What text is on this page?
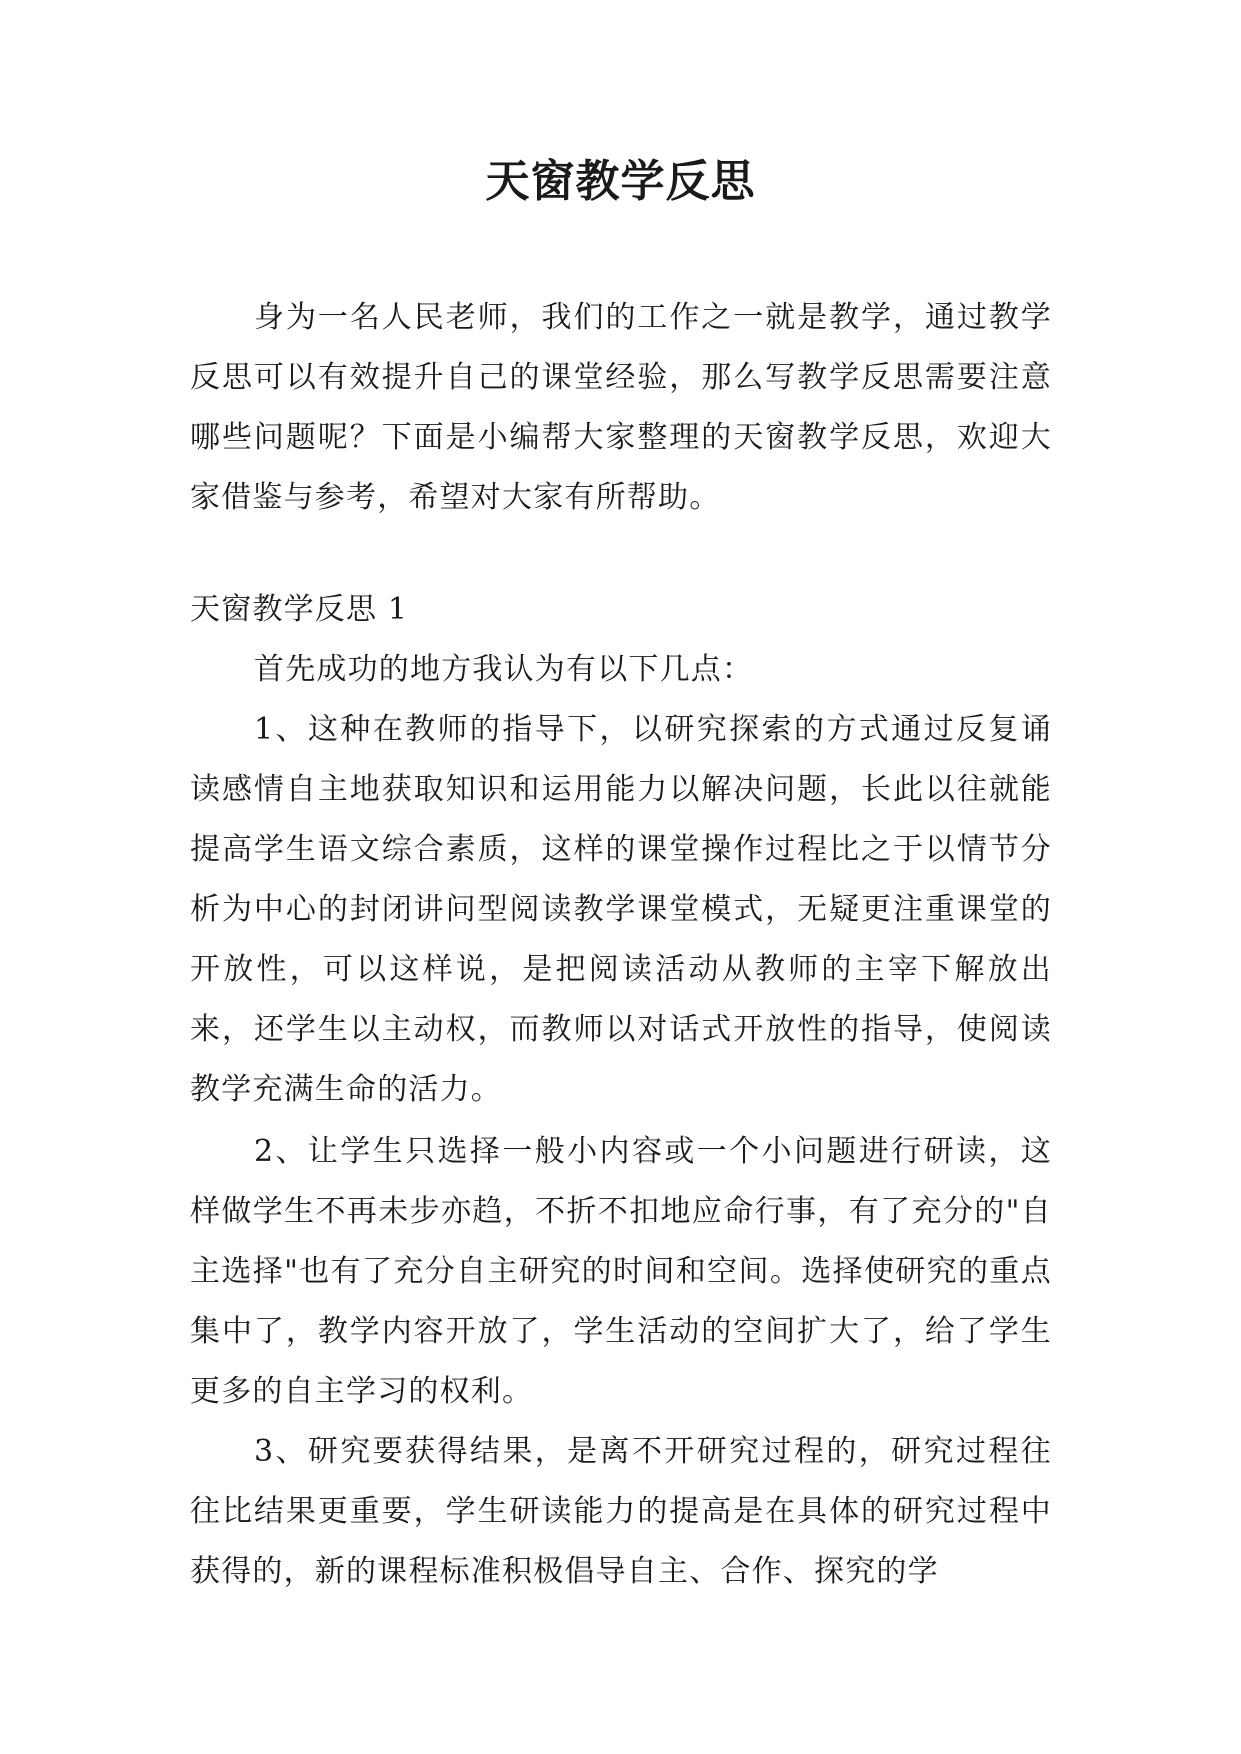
天窗教学反思

身为一名人民老师，我们的工作之一就是教学，通过教学反思可以有效提升自己的课堂经验，那么写教学反思需要注意哪些问题呢？下面是小编帮大家整理的天窗教学反思，欢迎大家借鉴与参考，希望对大家有所帮助。

天窗教学反思 1

首先成功的地方我认为有以下几点：

1、这种在教师的指导下，以研究探索的方式通过反复诵读感情自主地获取知识和运用能力以解决问题，长此以往就能提高学生语文综合素质，这样的课堂操作过程比之于以情节分析为中心的封闭讲问型阅读教学课堂模式，无疑更注重课堂的开放性，可以这样说，是把阅读活动从教师的主宰下解放出来，还学生以主动权，而教师以对话式开放性的指导，使阅读教学充满生命的活力。

2、让学生只选择一般小内容或一个小问题进行研读，这样做学生不再未步亦趋，不折不扣地应命行事，有了充分的"自主选择"也有了充分自主研究的时间和空间。选择使研究的重点集中了，教学内容开放了，学生活动的空间扩大了，给了学生更多的自主学习的权利。

3、研究要获得结果，是离不开研究过程的，研究过程往往比结果更重要，学生研读能力的提高是在具体的研究过程中获得的，新的课程标准积极倡导自主、合作、探究的学
